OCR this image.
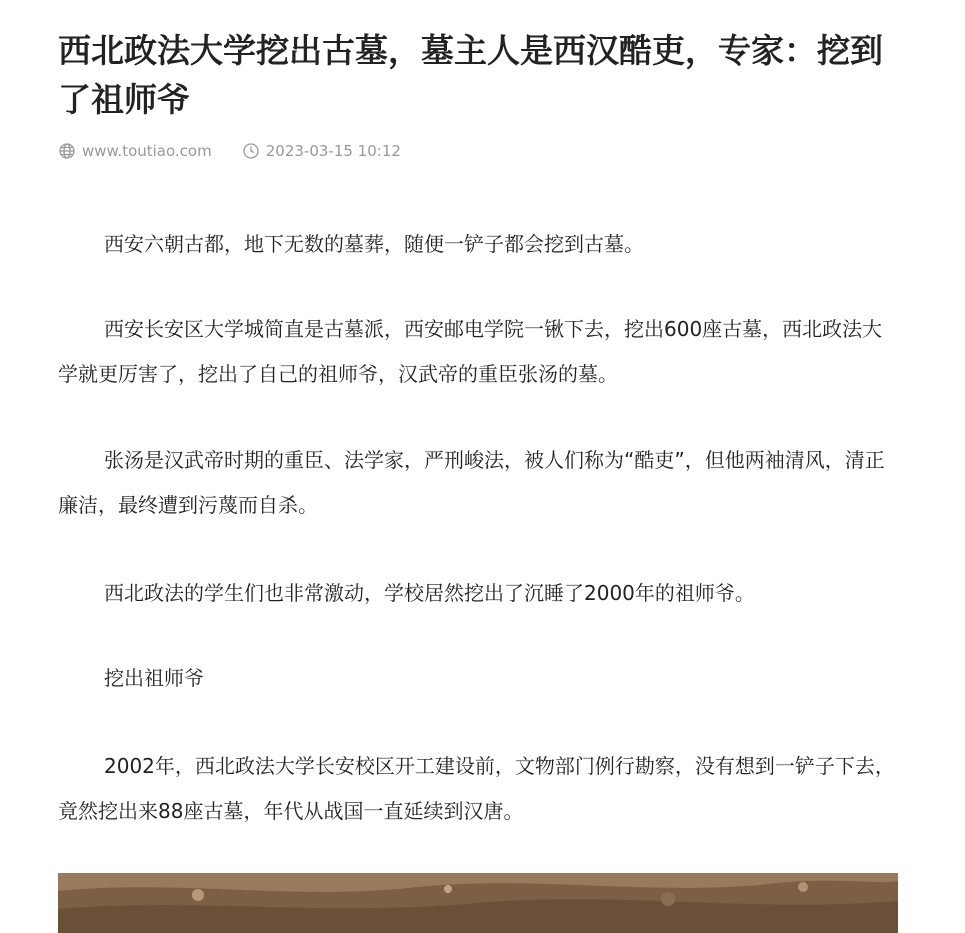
西北政法大学挖出古墓，墓主人是西汉酷吏，专家：挖到了祖师爷
www.toutiao.com	2023-03-15 10:12

西安六朝古都，地下无数的墓葬，随便一铲子都会挖到古墓。

西安长安区大学城简直是古墓派，西安邮电学院一锹下去，挖出600座古墓，西北政法大学就更厉害了，挖出了自己的祖师爷，汉武帝的重臣张汤的墓。

张汤是汉武帝时期的重臣、法学家，严刑峻法，被人们称为“酷吏”，但他两袖清风，清正廉洁，最终遭到污蔑而自杀。

西北政法的学生们也非常激动，学校居然挖出了沉睡了2000年的祖师爷。

挖出祖师爷

2002年，西北政法大学长安校区开工建设前，文物部门例行勘察，没有想到一铲子下去，竟然挖出来88座古墓，年代从战国一直延续到汉唐。
